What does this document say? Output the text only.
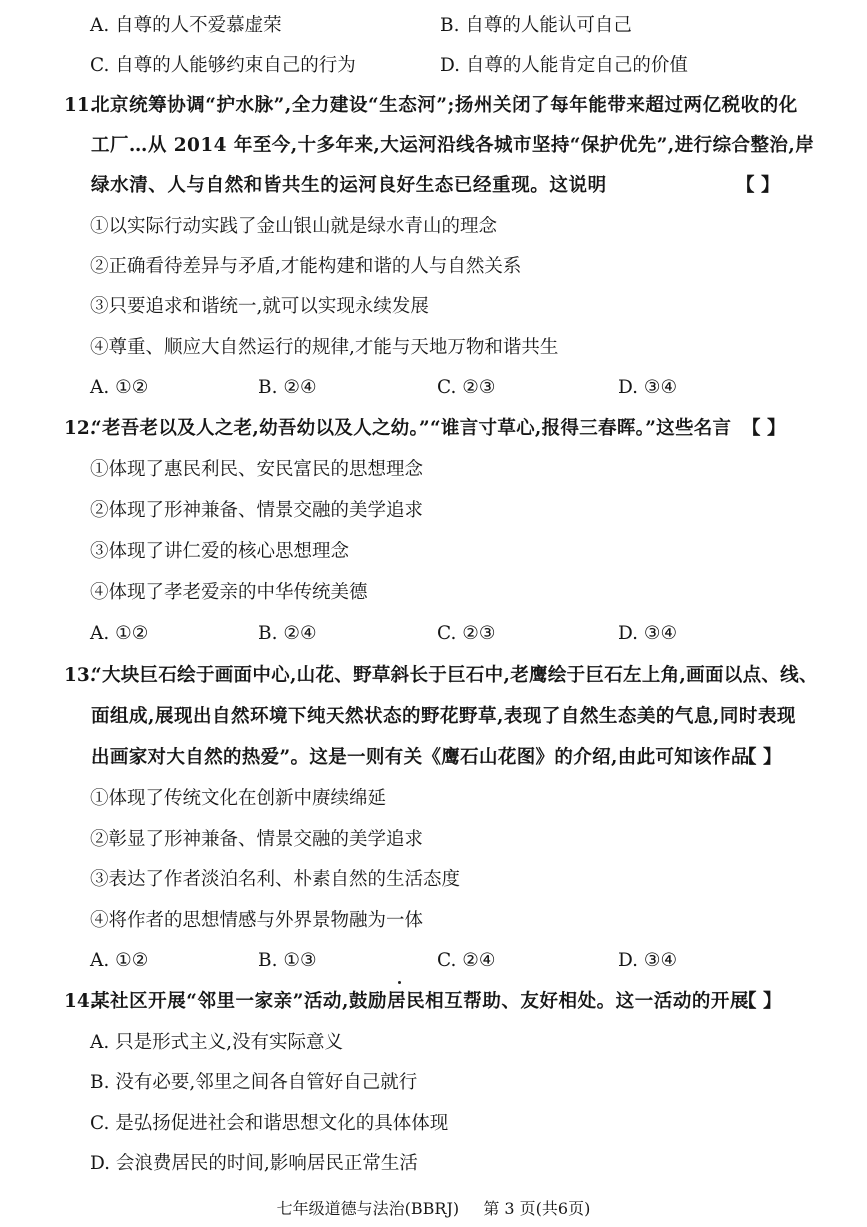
A. 自尊的人不爱慕虚荣	B. 自尊的人能认可自己
C. 自尊的人能够约束自己的行为	D. 自尊的人能肯定自己的价值
11.
北京统筹协调“护水脉”,全力建设“生态河”;扬州关闭了每年能带来超过两亿税收的化
工厂…从 2014 年至今,十多年来,大运河沿线各城市坚持“保护优先”,进行综合整治,岸
绿水清、人与自然和皆共生的运河良好生态已经重现。这说明	【 】
①以实际行动实践了金山银山就是绿水青山的理念
②正确看待差异与矛盾,才能构建和谐的人与自然关系
③只要追求和谐统一,就可以实现永续发展
④尊重、顺应大自然运行的规律,才能与天地万物和谐共生
A. ①②	B. ②④	C. ②③	D. ③④
12.
“老吾老以及人之老,幼吾幼以及人之幼。”“谁言寸草心,报得三春晖。”这些名言 【 】
①体现了惠民利民、安民富民的思想理念
②体现了形神兼备、情景交融的美学追求
③体现了讲仁爱的核心思想理念
④体现了孝老爱亲的中华传统美德
A. ①②	B. ②④	C. ②③	D. ③④
13.
“大块巨石绘于画面中心,山花、野草斜长于巨石中,老鹰绘于巨石左上角,画面以点、线、
面组成,展现出自然环境下纯天然状态的野花野草,表现了自然生态美的气息,同时表现
出画家对大自然的热爱”。这是一则有关《鹰石山花图》的介绍,由此可知该作品
【 】
①体现了传统文化在创新中赓续绵延
②彰显了形神兼备、情景交融的美学追求
③表达了作者淡泊名利、朴素自然的生活态度
④将作者的思想情感与外界景物融为一体
A. ①②	B. ①③	C. ②④	D. ③④
14.
某社区开展“邻里一家亲”活动,鼓励居民相互帮助、友好相处。这一活动的开展
【 】
A. 只是形式主义,没有实际意义
B. 没有必要,邻里之间各自管好自己就行
C. 是弘扬促进社会和谐思想文化的具体体现
D. 会浪费居民的时间,影响居民正常生活
七年级道德与法治(BBRJ) 第 3 页(共6页)
